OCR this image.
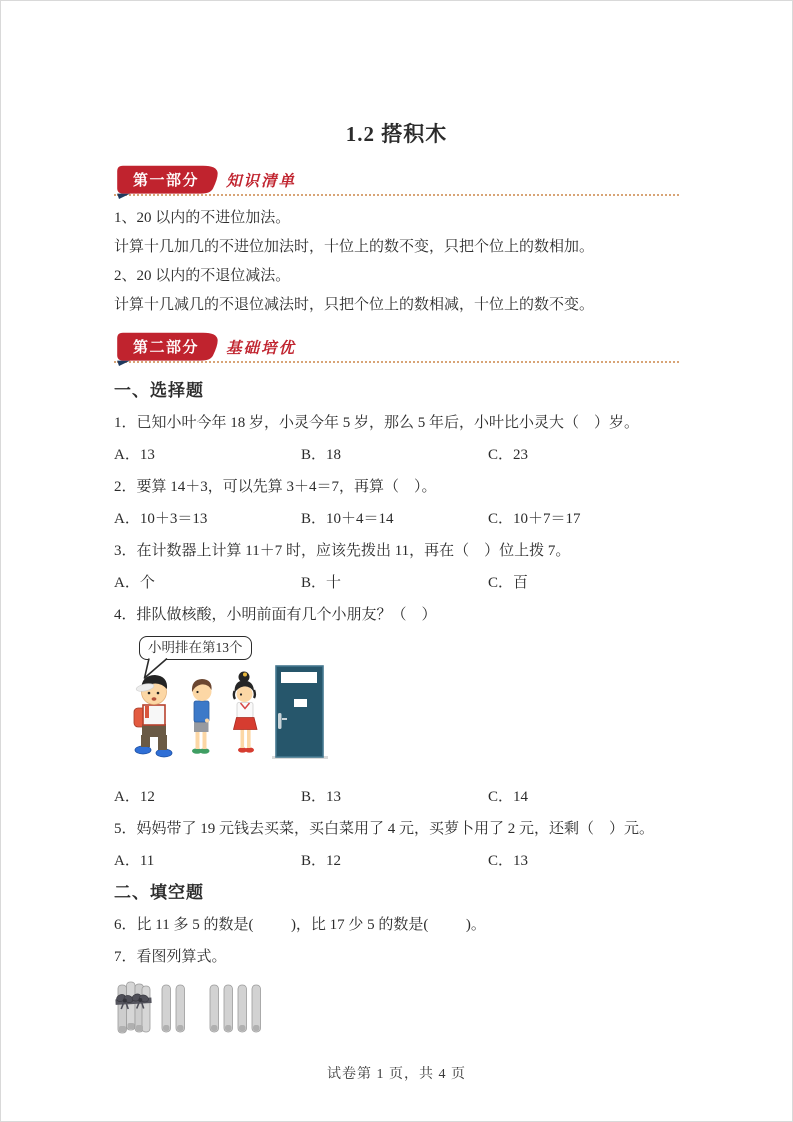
1.2 搭积木
第一部分	知识清单

1、20 以内的不进位加法。

计算十几加几的不进位加法时，十位上的数不变，只把个位上的数相加。

2、20 以内的不退位减法。

计算十几减几的不退位减法时，只把个位上的数相减，十位上的数不变。

第二部分	基础培优
一、选择题

1．已知小叶今年 18 岁，小灵今年 5 岁，那么 5 年后，小叶比小灵大（　）岁。

A．13	B．18	C．23

2．要算 14＋3，可以先算 3＋4＝7，再算（　）。

A．10＋3＝13	B．10＋4＝14	C．10＋7＝17

3．在计数器上计算 11＋7 时，应该先拨出 11，再在（　）位上拨 7。

A．个	B．十	C．百

4．排队做核酸，小明前面有几个小朋友？（　）

小明排在第13个
A．12	B．13	C．14

5．妈妈带了 19 元钱去买菜，买白菜用了 4 元，买萝卜用了 2 元，还剩（　）元。

A．11	B．12	C．13
二、填空题

6．比 11 多 5 的数是(          )，比 17 少 5 的数是(          )。

7．看图列算式。

试卷第 1 页，共 4 页
